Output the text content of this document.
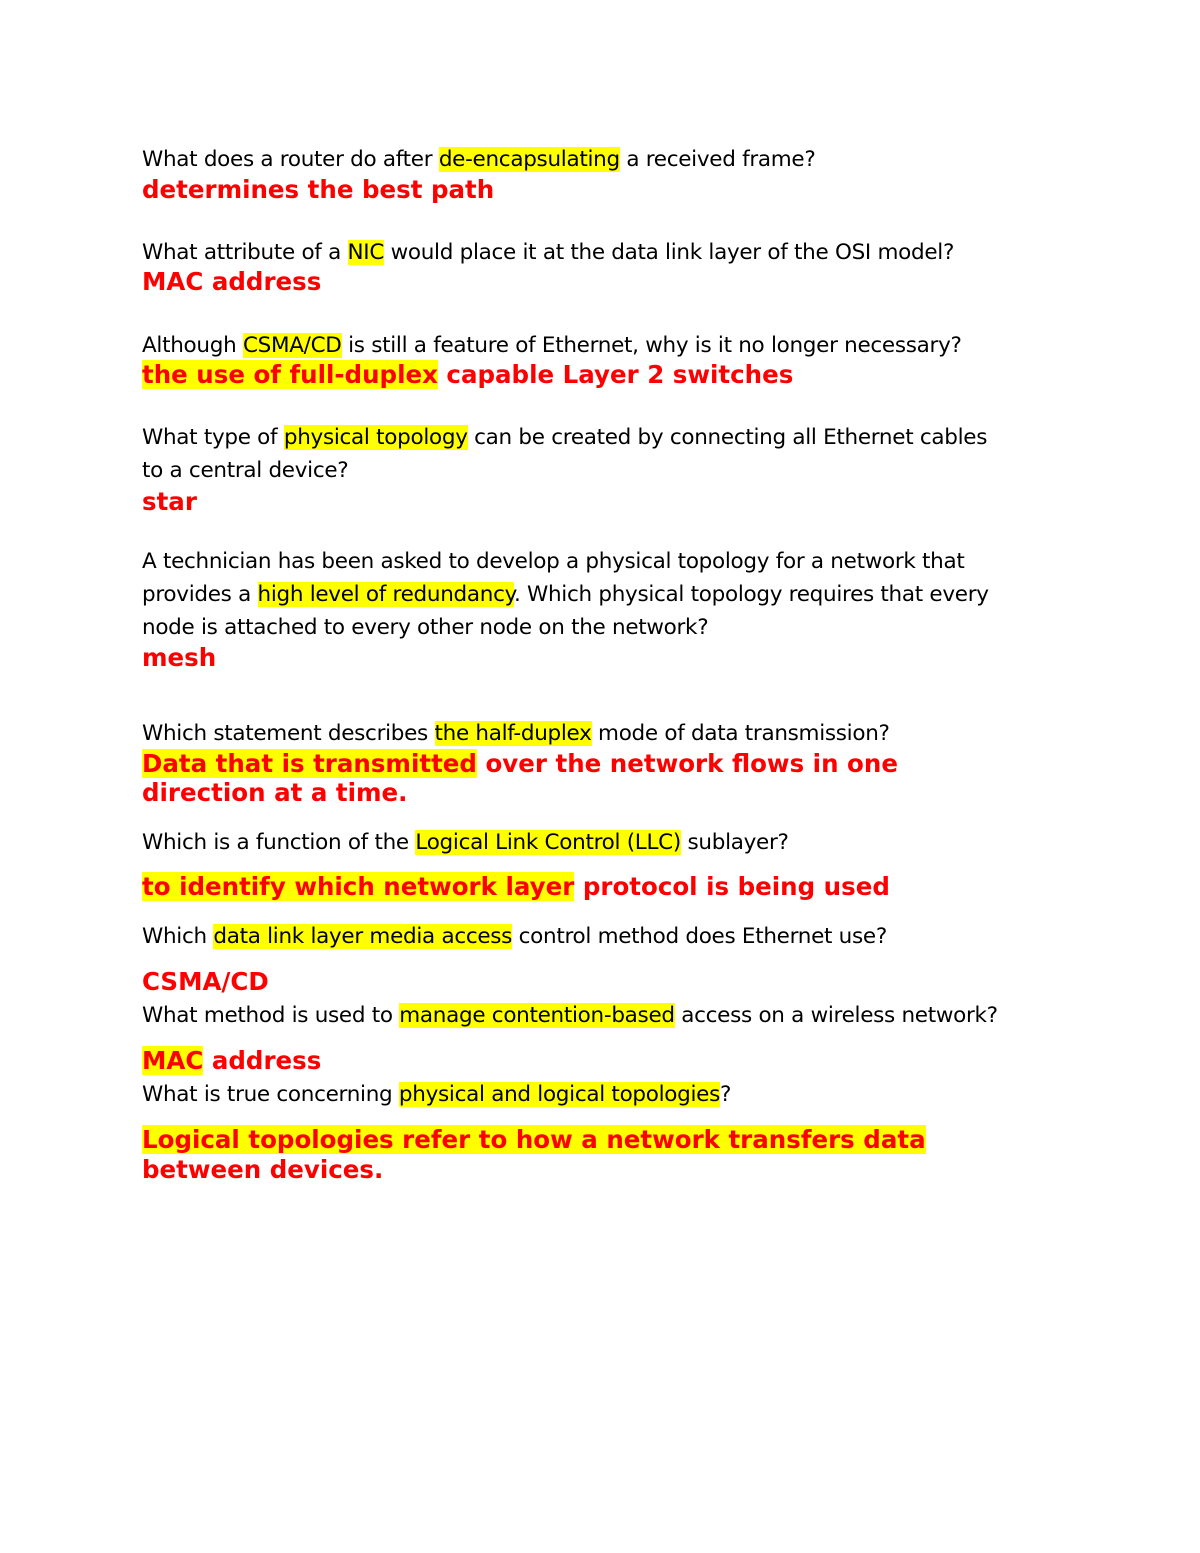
What does a router do after de-encapsulating a received frame?
determines the best path
What attribute of a NIC would place it at the data link layer of the OSI model?
MAC address
Although CSMA/CD is still a feature of Ethernet, why is it no longer necessary?
the use of full-duplex capable Layer 2 switches
What type of physical topology can be created by connecting all Ethernet cables
to a central device?
star
A technician has been asked to develop a physical topology for a network that
provides a high level of redundancy. Which physical topology requires that every
node is attached to every other node on the network?
mesh
Which statement describes the half-duplex mode of data transmission?
Data that is transmitted over the network flows in one
direction at a time.
Which is a function of the Logical Link Control (LLC) sublayer?
to identify which network layer protocol is being used
Which data link layer media access control method does Ethernet use?
CSMA/CD
What method is used to manage contention-based access on a wireless network?
MAC address
What is true concerning physical and logical topologies?
Logical topologies refer to how a network transfers data
between devices.
